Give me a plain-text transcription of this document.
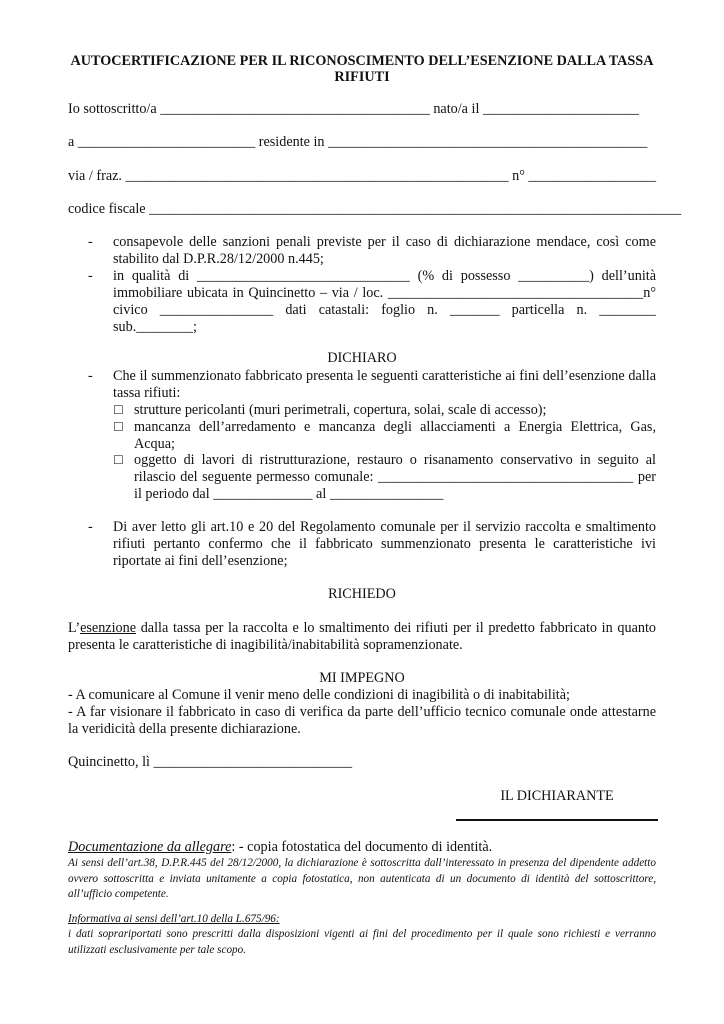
AUTOCERTIFICAZIONE PER IL RICONOSCIMENTO DELL’ESENZIONE DALLA TASSA RIFIUTI
Io sottoscritto/a ______________________________________ nato/a il ______________________
a _________________________ residente in _____________________________________________
via / fraz. ______________________________________________________ n° __________________
codice fiscale ___________________________________________________________________________
- consapevole delle sanzioni penali previste per il caso di dichiarazione mendace, così come stabilito dal D.P.R.28/12/2000 n.445;
- in qualità di ______________________________ (% di possesso __________) dell’unità immobiliare ubicata in Quincinetto – via / loc. ____________________________________n° civico ________________ dati catastali: foglio n. _______ particella n. ________ sub.________;
DICHIARO
- Che il summenzionato fabbricato presenta le seguenti caratteristiche ai fini dell’esenzione dalla tassa rifiuti:
☐ strutture pericolanti (muri perimetrali, copertura, solai, scale di accesso);
☐ mancanza dell’arredamento e mancanza degli allacciamenti a Energia Elettrica, Gas, Acqua;
☐ oggetto di lavori di ristrutturazione, restauro o risanamento conservativo in seguito al rilascio del seguente permesso comunale: ____________________________________ per il periodo dal ______________ al ________________
- Di aver letto gli art.10 e 20 del Regolamento comunale per il servizio raccolta e smaltimento rifiuti pertanto confermo che il fabbricato summenzionato presenta le caratteristiche ivi riportate ai fini dell’esenzione;
RICHIEDO
L’esenzione dalla tassa per la raccolta e lo smaltimento dei rifiuti per il predetto fabbricato in quanto presenta le caratteristiche di inagibilità/inabitabilità sopramenzionate.
MI IMPEGNO
- A comunicare al Comune il venir meno delle condizioni di inagibilità o di inabitabilità;
- A far visionare il fabbricato in caso di verifica da parte dell’ufficio tecnico comunale onde attestarne la veridicità della presente dichiarazione.
Quincinetto, lì ____________________________
IL DICHIARANTE
Documentazione da allegare: - copia fotostatica del documento di identità.
Ai sensi dell’art.38, D.P.R.445 del 28/12/2000, la dichiarazione è sottoscritta dall’interessato in presenza del dipendente addetto ovvero sottoscritta e inviata unitamente a copia fotostatica, non autenticata di un documento di identità del sottoscrittore, all’ufficio competente.
Informativa ai sensi dell’art.10 della L.675/96:
i dati soprariportati sono prescritti dalla disposizioni vigenti ai fini del procedimento per il quale sono richiesti e verranno utilizzati esclusivamente per tale scopo.
